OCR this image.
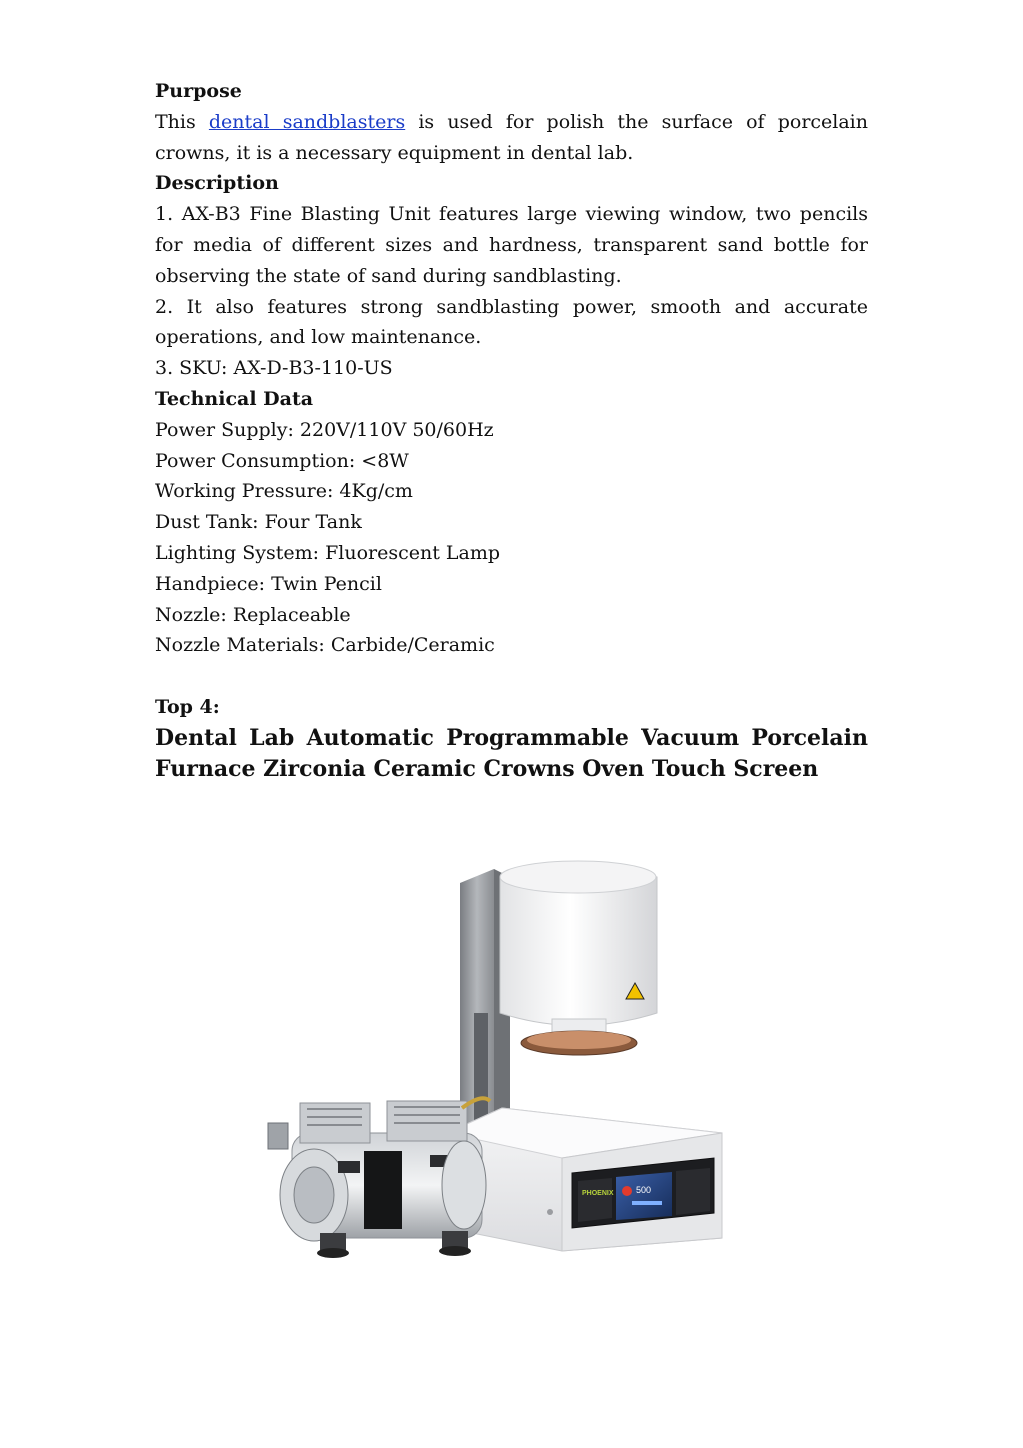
Purpose

This dental sandblasters is used for polish the surface of porcelain crowns, it is a necessary equipment in dental lab.

Description

1. AX-B3 Fine Blasting Unit features large viewing window, two pencils for media of different sizes and hardness, transparent sand bottle for observing the state of sand during sandblasting.

2. It also features strong sandblasting power, smooth and accurate operations, and low maintenance.

3. SKU: AX-D-B3-110-US

Technical Data

Power Supply: 220V/110V 50/60Hz

Power Consumption: <8W

Working Pressure: 4Kg/cm

Dust Tank: Four Tank

Lighting System: Fluorescent Lamp

Handpiece: Twin Pencil

Nozzle: Replaceable

Nozzle Materials: Carbide/Ceramic

Top 4:

Dental Lab Automatic Programmable Vacuum Porcelain Furnace Zirconia Ceramic Crowns Oven Touch Screen

PHOENIX 500
